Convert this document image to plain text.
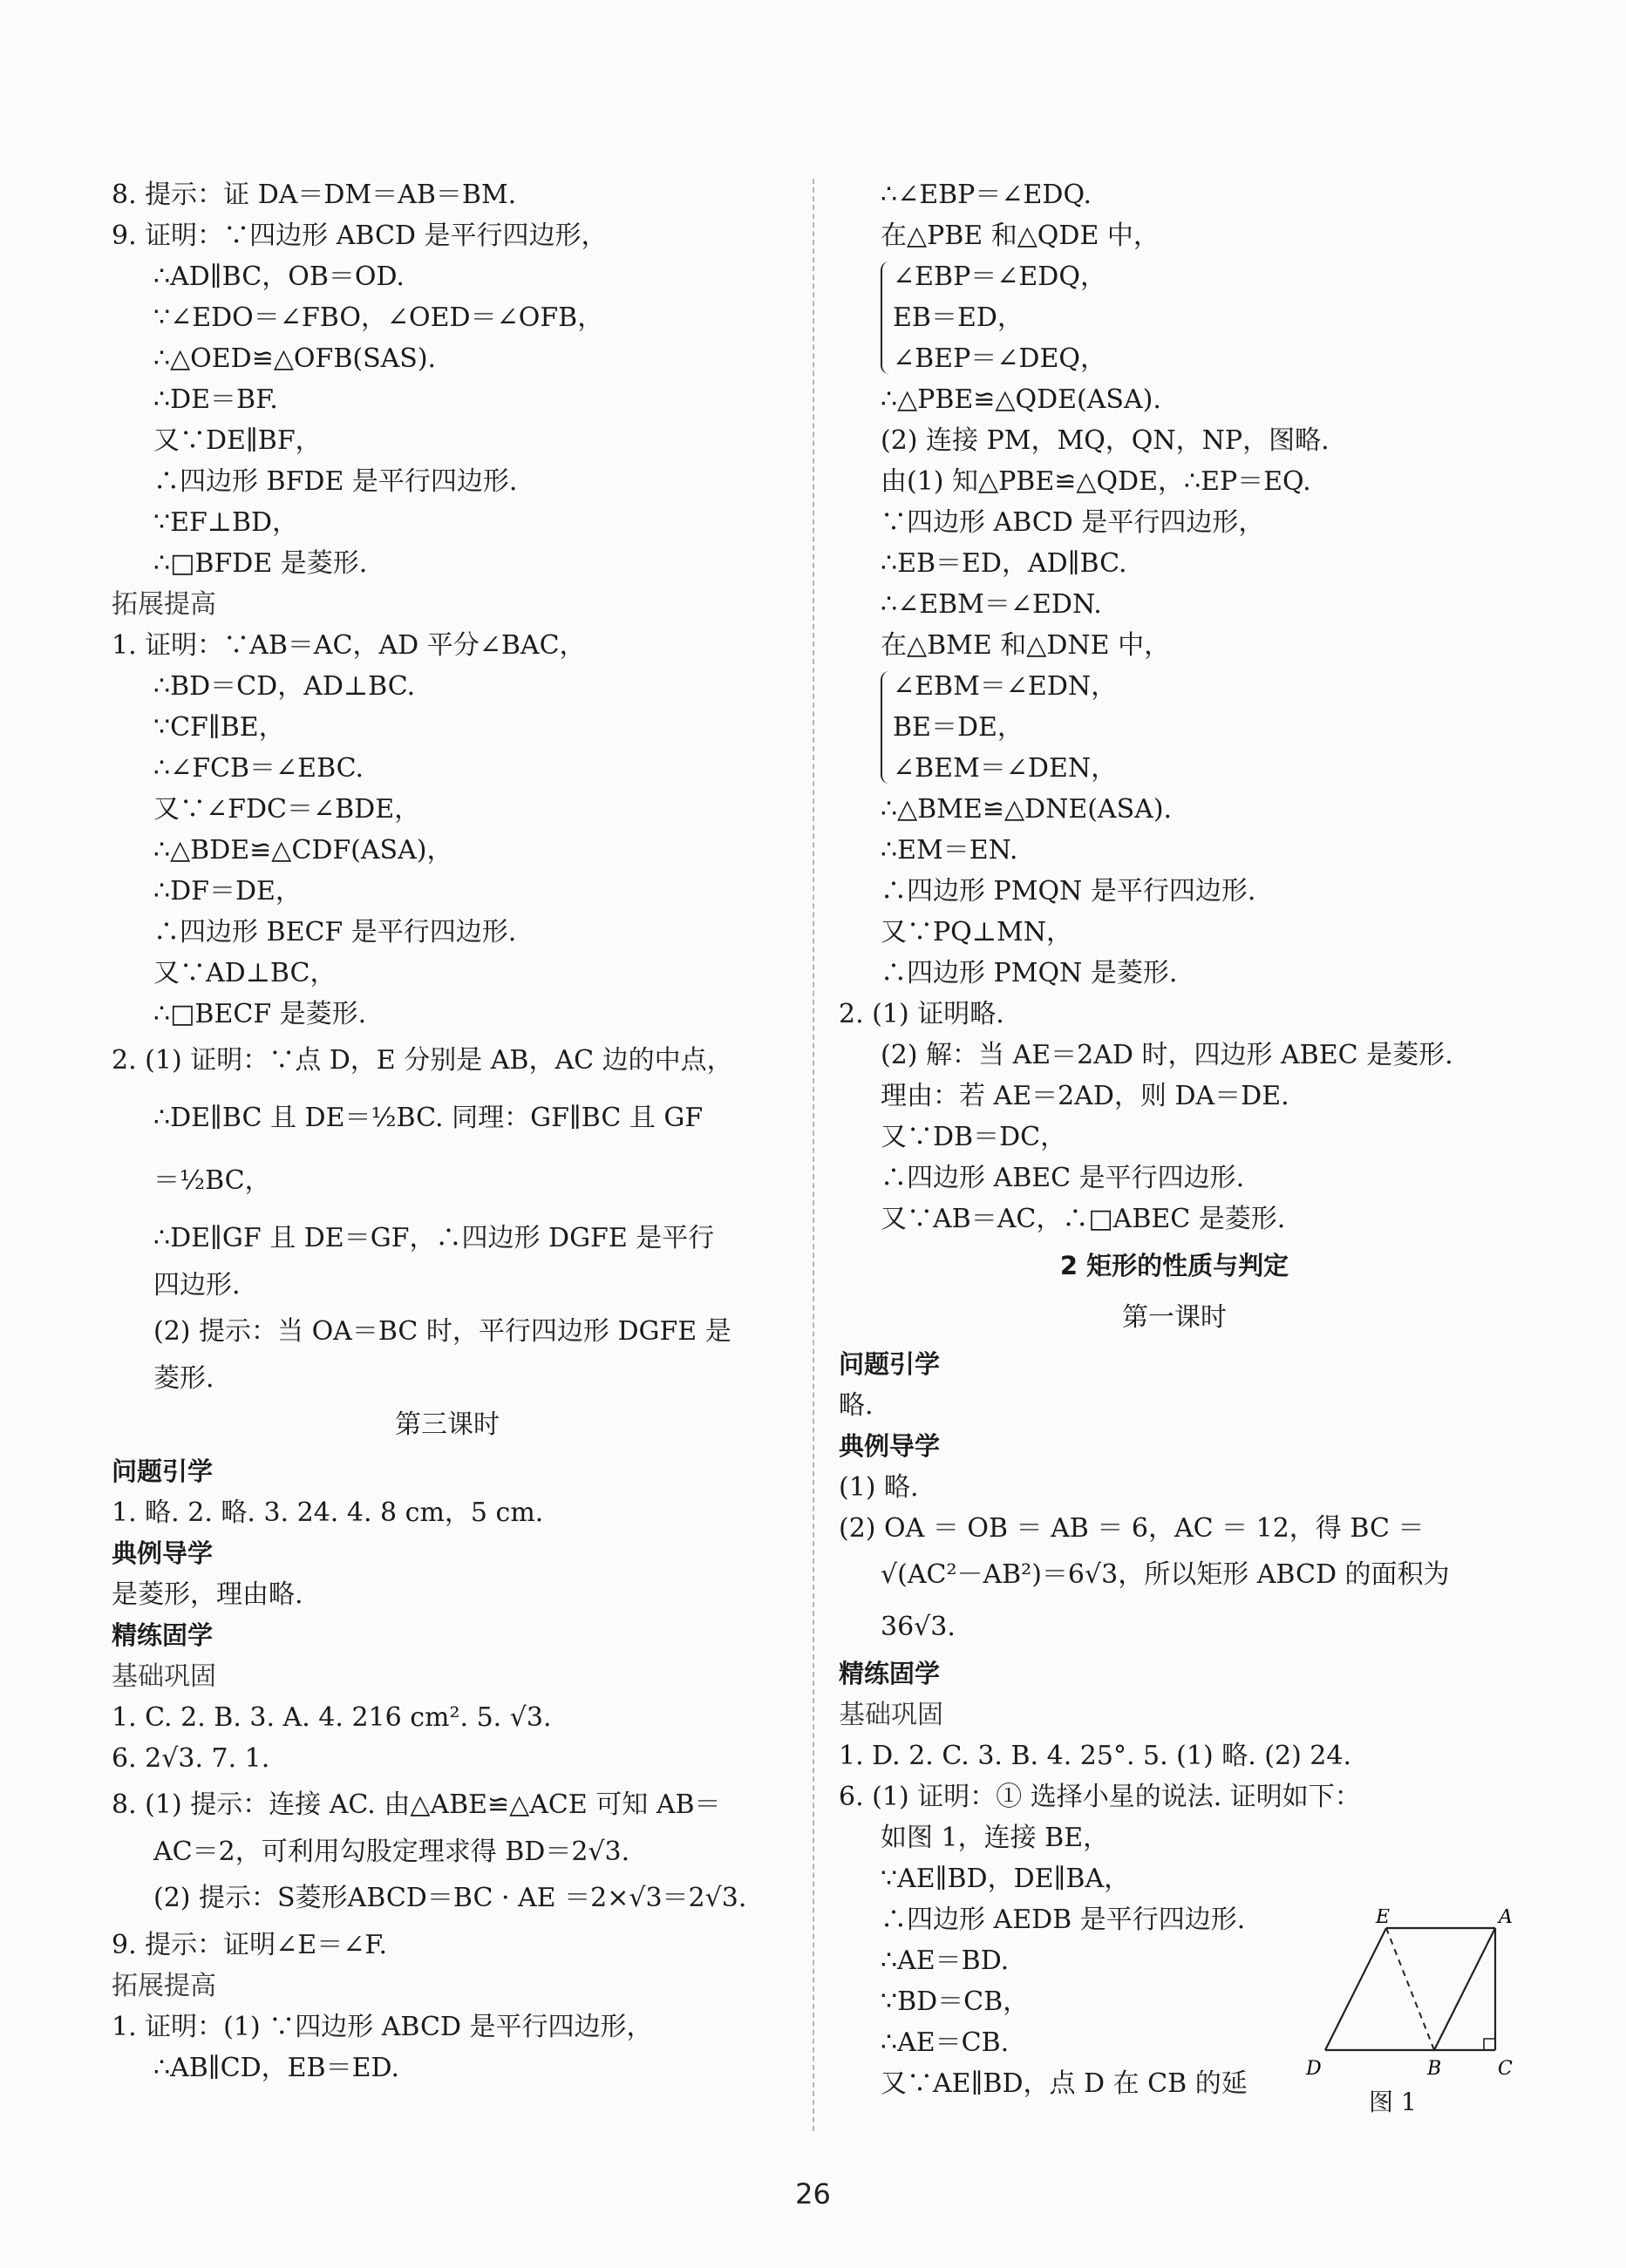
8. 提示：证 DA＝DM＝AB＝BM.
9. 证明：∵四边形 ABCD 是平行四边形，
∴AD∥BC，OB＝OD.
∵∠EDO＝∠FBO，∠OED＝∠OFB，
∴△OED≌△OFB(SAS).
∴DE＝BF.
又∵DE∥BF，
∴四边形 BFDE 是平行四边形.
∵EF⊥BD，
∴□BFDE 是菱形.
拓展提高
1. 证明：∵AB＝AC，AD 平分∠BAC，
∴BD＝CD，AD⊥BC.
∵CF∥BE，
∴∠FCB＝∠EBC.
又∵∠FDC＝∠BDE，
∴△BDE≌△CDF(ASA)，
∴DF＝DE，
∴四边形 BECF 是平行四边形.
又∵AD⊥BC，
∴□BECF 是菱形.
2. (1) 证明：∵点 D，E 分别是 AB，AC 边的中点，
∴DE∥BC 且 DE＝½BC. 同理：GF∥BC 且 GF
＝½BC，
∴DE∥GF 且 DE＝GF，∴四边形 DGFE 是平行
四边形.
(2) 提示：当 OA＝BC 时，平行四边形 DGFE 是
菱形.
第三课时
问题引学
1. 略. 2. 略. 3. 24. 4. 8 cm，5 cm.
典例导学
是菱形，理由略.
精练固学
基础巩固
1. C. 2. B. 3. A. 4. 216 cm². 5. √3.
6. 2√3. 7. 1.
8. (1) 提示：连接 AC. 由△ABE≌△ACE 可知 AB＝
AC＝2，可利用勾股定理求得 BD＝2√3.
(2) 提示：S菱形ABCD＝BC · AE ＝2×√3＝2√3.
9. 提示：证明∠E＝∠F.
拓展提高
1. 证明：(1) ∵四边形 ABCD 是平行四边形，
∴AB∥CD，EB＝ED.
∴∠EBP＝∠EDQ.
在△PBE 和△QDE 中，
∠EBP＝∠EDQ，
EB＝ED，
∠BEP＝∠DEQ，
∴△PBE≌△QDE(ASA).
(2) 连接 PM，MQ，QN，NP，图略.
由(1) 知△PBE≌△QDE，∴EP＝EQ.
∵四边形 ABCD 是平行四边形，
∴EB＝ED，AD∥BC.
∴∠EBM＝∠EDN.
在△BME 和△DNE 中，
∠EBM＝∠EDN，
BE＝DE，
∠BEM＝∠DEN，
∴△BME≌△DNE(ASA).
∴EM＝EN.
∴四边形 PMQN 是平行四边形.
又∵PQ⊥MN，
∴四边形 PMQN 是菱形.
2. (1) 证明略.
(2) 解：当 AE＝2AD 时，四边形 ABEC 是菱形.
理由：若 AE＝2AD，则 DA＝DE.
又∵DB＝DC，
∴四边形 ABEC 是平行四边形.
又∵AB＝AC，∴□ABEC 是菱形.
2 矩形的性质与判定
第一课时
问题引学
略.
典例导学
(1) 略.
(2) OA ＝ OB ＝ AB ＝ 6，AC ＝ 12，得 BC ＝
√(AC²－AB²)＝6√3，所以矩形 ABCD 的面积为
36√3.
精练固学
基础巩固
1. D. 2. C. 3. B. 4. 25°. 5. (1) 略. (2) 24.
6. (1) 证明：① 选择小星的说法. 证明如下：
如图 1，连接 BE，
∵AE∥BD，DE∥BA，
∴四边形 AEDB 是平行四边形.
∴AE＝BD.
∵BD＝CB，
∴AE＝CB.
又∵AE∥BD，点 D 在 CB 的延
E	A
D	B	C
图 1
26
